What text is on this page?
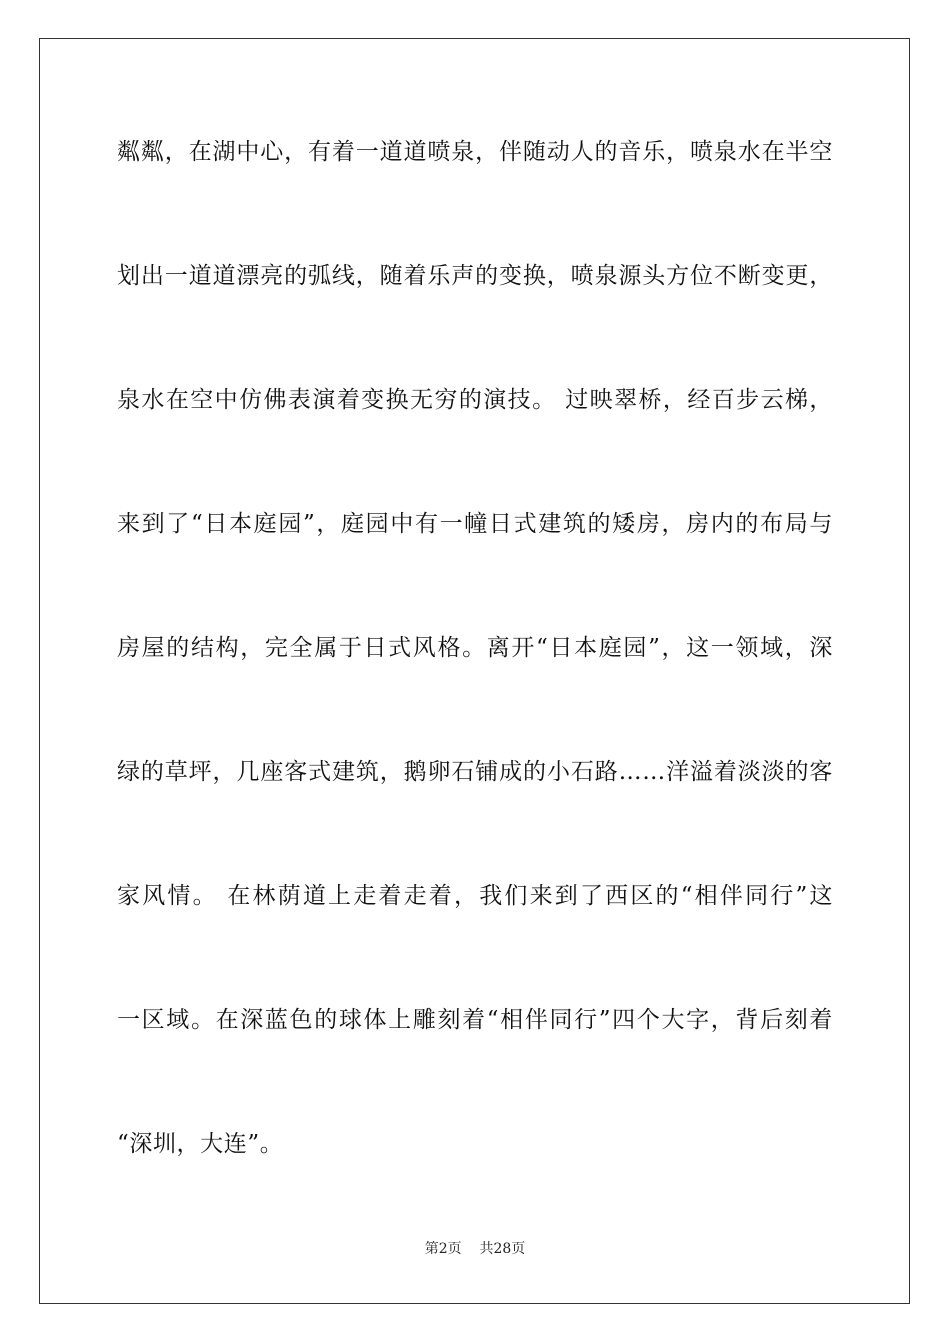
粼粼，在湖中心，有着一道道喷泉，伴随动人的音乐，喷泉水在半空
划出一道道漂亮的弧线，随着乐声的变换，喷泉源头方位不断变更，
泉水在空中仿佛表演着变换无穷的演技。 过映翠桥，经百步云梯，
来到了“日本庭园”，庭园中有一幢日式建筑的矮房，房内的布局与
房屋的结构，完全属于日式风格。离开“日本庭园”，这一领域，深
绿的草坪，几座客式建筑，鹅卵石铺成的小石路……洋溢着淡淡的客
家风情。 在林荫道上走着走着，我们来到了西区的“相伴同行”这
一区域。在深蓝色的球体上雕刻着“相伴同行”四个大字，背后刻着
“深圳，大连”。
第2页 共28页
